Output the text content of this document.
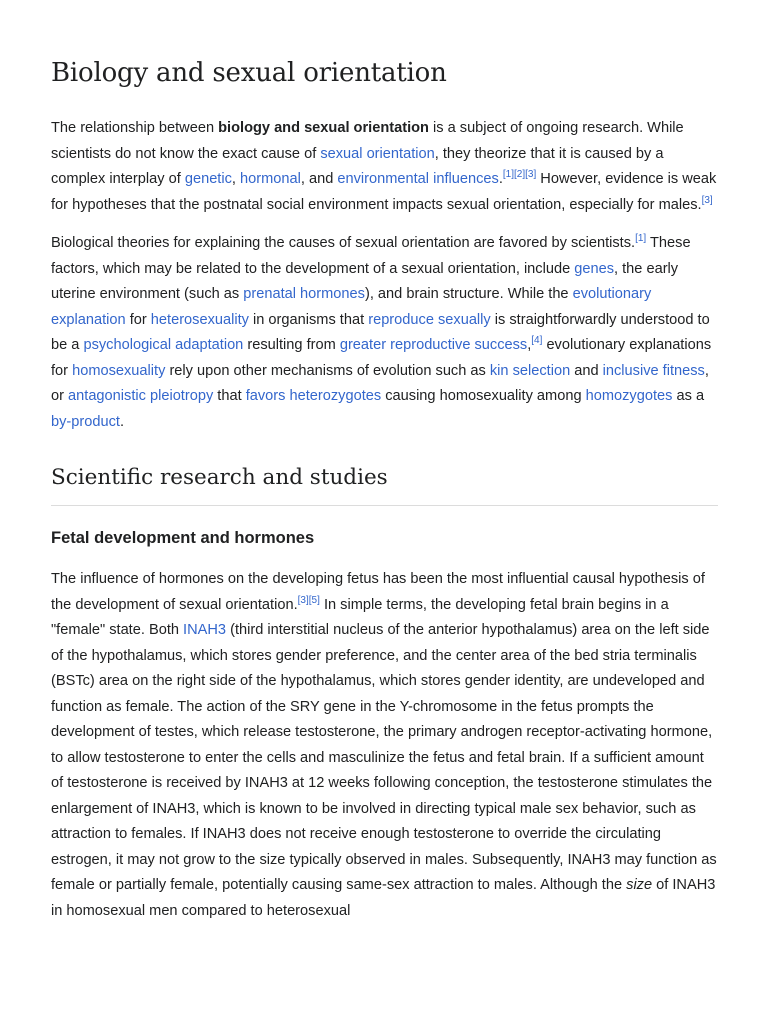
Biology and sexual orientation

The relationship between biology and sexual orientation is a subject of ongoing research. While scientists do not know the exact cause of sexual orientation, they theorize that it is caused by a complex interplay of genetic, hormonal, and environmental influences.[1][2][3] However, evidence is weak for hypotheses that the postnatal social environment impacts sexual orientation, especially for males.[3]

Biological theories for explaining the causes of sexual orientation are favored by scientists.[1] These factors, which may be related to the development of a sexual orientation, include genes, the early uterine environment (such as prenatal hormones), and brain structure. While the evolutionary explanation for heterosexuality in organisms that reproduce sexually is straightforwardly understood to be a psychological adaptation resulting from greater reproductive success,[4] evolutionary explanations for homosexuality rely upon other mechanisms of evolution such as kin selection and inclusive fitness, or antagonistic pleiotropy that favors heterozygotes causing homosexuality among homozygotes as a by-product.

Scientific research and studies
Fetal development and hormones

The influence of hormones on the developing fetus has been the most influential causal hypothesis of the development of sexual orientation.[3][5] In simple terms, the developing fetal brain begins in a "female" state. Both INAH3 (third interstitial nucleus of the anterior hypothalamus) area on the left side of the hypothalamus, which stores gender preference, and the center area of the bed stria terminalis (BSTc) area on the right side of the hypothalamus, which stores gender identity, are undeveloped and function as female. The action of the SRY gene in the Y-chromosome in the fetus prompts the development of testes, which release testosterone, the primary androgen receptor-activating hormone, to allow testosterone to enter the cells and masculinize the fetus and fetal brain. If a sufficient amount of testosterone is received by INAH3 at 12 weeks following conception, the testosterone stimulates the enlargement of INAH3, which is known to be involved in directing typical male sex behavior, such as attraction to females. If INAH3 does not receive enough testosterone to override the circulating estrogen, it may not grow to the size typically observed in males. Subsequently, INAH3 may function as female or partially female, potentially causing same-sex attraction to males. Although the size of INAH3 in homosexual men compared to heterosexual
